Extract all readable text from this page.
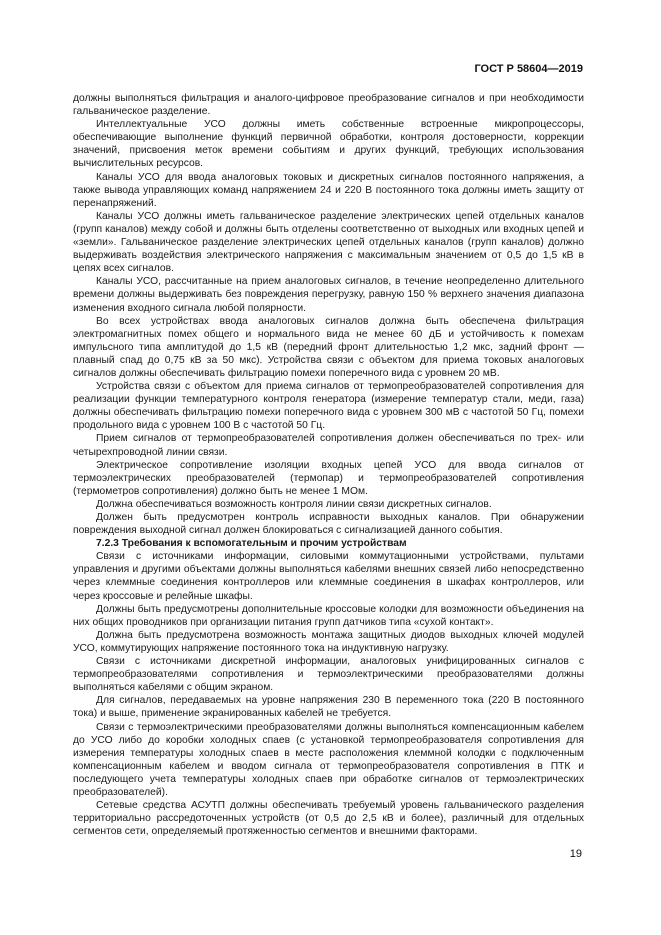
ГОСТ Р 58604—2019

должны выполняться фильтрация и аналого-цифровое преобразование сигналов и при необходимости гальваническое разделение.

Интеллектуальные УСО должны иметь собственные встроенные микропроцессоры, обеспечивающие выполнение функций первичной обработки, контроля достоверности, коррекции значений, присвоения меток времени событиям и других функций, требующих использования вычислительных ресурсов.

Каналы УСО для ввода аналоговых токовых и дискретных сигналов постоянного напряжения, а также вывода управляющих команд напряжением 24 и 220 В постоянного тока должны иметь защиту от перенапряжений.

Каналы УСО должны иметь гальваническое разделение электрических цепей отдельных каналов (групп каналов) между собой и должны быть отделены соответственно от выходных или входных цепей и «земли». Гальваническое разделение электрических цепей отдельных каналов (групп каналов) должно выдерживать воздействия электрического напряжения с максимальным значением от 0,5 до 1,5 кВ в цепях всех сигналов.

Каналы УСО, рассчитанные на прием аналоговых сигналов, в течение неопределенно длительного времени должны выдерживать без повреждения перегрузку, равную 150 % верхнего значения диапазона изменения входного сигнала любой полярности.

Во всех устройствах ввода аналоговых сигналов должна быть обеспечена фильтрация электромагнитных помех общего и нормального вида не менее 60 дБ и устойчивость к помехам импульсного типа амплитудой до 1,5 кВ (передний фронт длительностью 1,2 мкс, задний фронт — плавный спад до 0,75 кВ за 50 мкс). Устройства связи с объектом для приема токовых аналоговых сигналов должны обеспечивать фильтрацию помехи поперечного вида с уровнем 20 мВ.

Устройства связи с объектом для приема сигналов от термопреобразователей сопротивления для реализации функции температурного контроля генератора (измерение температур стали, меди, газа) должны обеспечивать фильтрацию помехи поперечного вида с уровнем 300 мВ с частотой 50 Гц, помехи продольного вида с уровнем 100 В с частотой 50 Гц.

Прием сигналов от термопреобразователей сопротивления должен обеспечиваться по трех- или четырехпроводной линии связи.

Электрическое сопротивление изоляции входных цепей УСО для ввода сигналов от термоэлектрических преобразователей (термопар) и термопреобразователей сопротивления (термометров сопротивления) должно быть не менее 1 МОм.

Должна обеспечиваться возможность контроля линии связи дискретных сигналов.

Должен быть предусмотрен контроль исправности выходных каналов. При обнаружении повреждения выходной сигнал должен блокироваться с сигнализацией данного события.

7.2.3 Требования к вспомогательным и прочим устройствам

Связи с источниками информации, силовыми коммутационными устройствами, пультами управления и другими объектами должны выполняться кабелями внешних связей либо непосредственно через клеммные соединения контроллеров или клеммные соединения в шкафах контроллеров, или через кроссовые и релейные шкафы.

Должны быть предусмотрены дополнительные кроссовые колодки для возможности объединения на них общих проводников при организации питания групп датчиков типа «сухой контакт».

Должна быть предусмотрена возможность монтажа защитных диодов выходных ключей модулей УСО, коммутирующих напряжение постоянного тока на индуктивную нагрузку.

Связи с источниками дискретной информации, аналоговых унифицированных сигналов с термопреобразователями сопротивления и термоэлектрическими преобразователями должны выполняться кабелями с общим экраном.

Для сигналов, передаваемых на уровне напряжения 230 В переменного тока (220 В постоянного тока) и выше, применение экранированных кабелей не требуется.

Связи с термоэлектрическими преобразователями должны выполняться компенсационным кабелем до УСО либо до коробки холодных спаев (с установкой термопреобразователя сопротивления для измерения температуры холодных спаев в месте расположения клеммной колодки с подключенным компенсационным кабелем и вводом сигнала от термопреобразователя сопротивления в ПТК и последующего учета температуры холодных спаев при обработке сигналов от термоэлектрических преобразователей).

Сетевые средства АСУТП должны обеспечивать требуемый уровень гальванического разделения территориально рассредоточенных устройств (от 0,5 до 2,5 кВ и более), различный для отдельных сегментов сети, определяемый протяженностью сегментов и внешними факторами.

19
